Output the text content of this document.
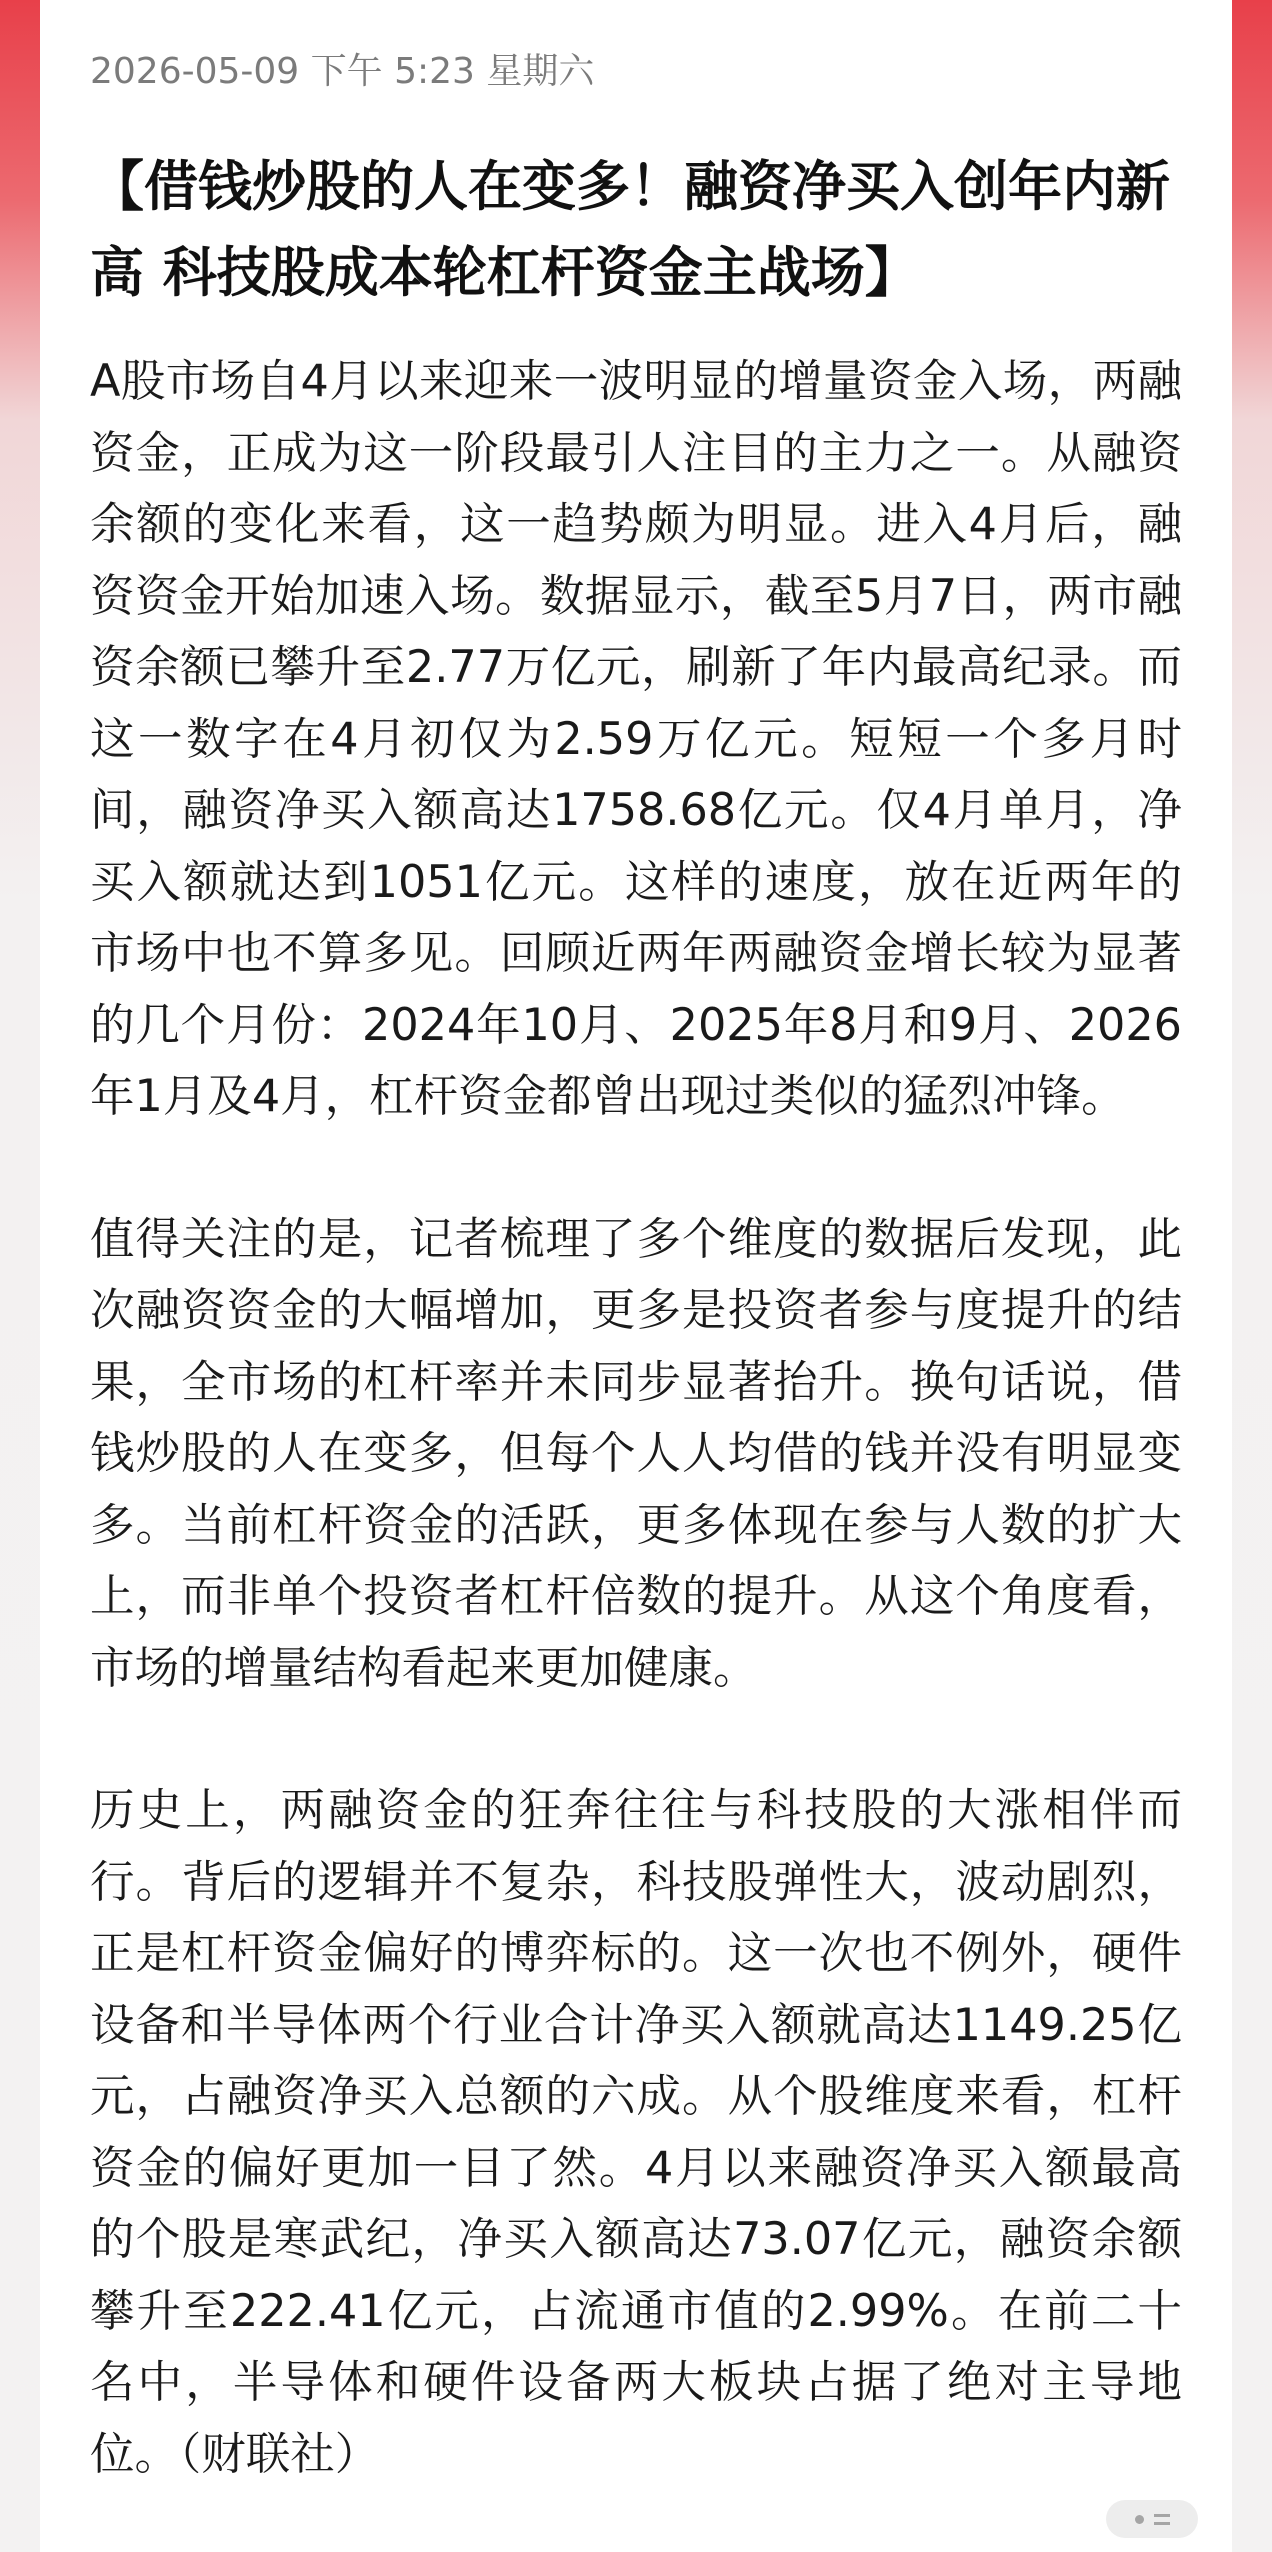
2026-05-09 下午 5:23 星期六
【借钱炒股的人在变多！融资净买入创年内新高 科技股成本轮杠杆资金主战场】

A股市场自4月以来迎来一波明显的增量资金入场，两融资金，正成为这一阶段最引人注目的主力之一。从融资余额的变化来看，这一趋势颇为明显。进入4月后，融资资金开始加速入场。数据显示，截至5月7日，两市融资余额已攀升至2.77万亿元，刷新了年内最高纪录。而这一数字在4月初仅为2.59万亿元。短短一个多月时间，融资净买入额高达1758.68亿元。仅4月单月，净买入额就达到1051亿元。这样的速度，放在近两年的市场中也不算多见。回顾近两年两融资金增长较为显著的几个月份：2024年10月、2025年8月和9月、2026年1月及4月，杠杆资金都曾出现过类似的猛烈冲锋。

值得关注的是，记者梳理了多个维度的数据后发现，此次融资资金的大幅增加，更多是投资者参与度提升的结果，全市场的杠杆率并未同步显著抬升。换句话说，借钱炒股的人在变多，但每个人人均借的钱并没有明显变多。当前杠杆资金的活跃，更多体现在参与人数的扩大上，而非单个投资者杠杆倍数的提升。从这个角度看，市场的增量结构看起来更加健康。

历史上，两融资金的狂奔往往与科技股的大涨相伴而行。背后的逻辑并不复杂，科技股弹性大，波动剧烈，正是杠杆资金偏好的博弈标的。这一次也不例外，硬件设备和半导体两个行业合计净买入额就高达1149.25亿元，占融资净买入总额的六成。从个股维度来看，杠杆资金的偏好更加一目了然。4月以来融资净买入额最高的个股是寒武纪，净买入额高达73.07亿元，融资余额攀升至222.41亿元，占流通市值的2.99%。在前二十名中，半导体和硬件设备两大板块占据了绝对主导地位。（财联社）
